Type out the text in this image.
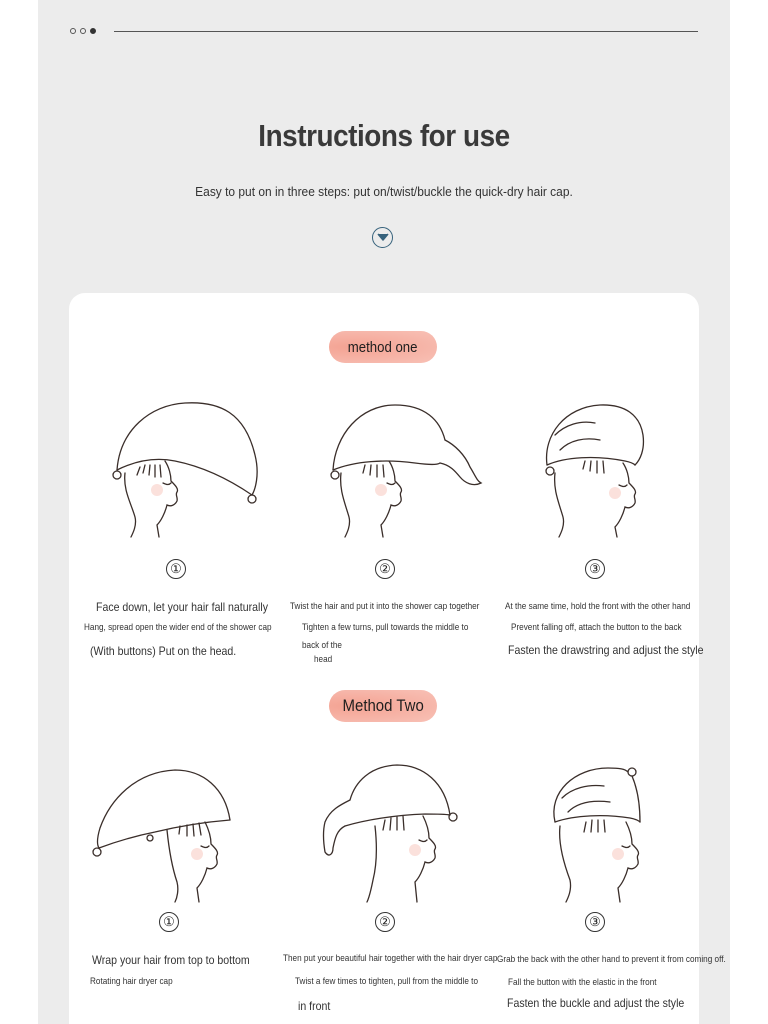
Instructions for use

Easy to put on in three steps: put on/twist/buckle the quick-dry hair cap.

method one
①	②	③
Face down, let your hair fall naturally
Hang, spread open the wider end of the shower cap
(With buttons) Put on the head.
Twist the hair and put it into the shower cap together
Tighten a few turns, pull towards the middle to
back of the
head
At the same time, hold the front with the other hand
Prevent falling off, attach the button to the back
Fasten the drawstring and adjust the style
Method Two
①	②	③
Wrap your hair from top to bottom
Rotating hair dryer cap
Then put your beautiful hair together with the hair dryer cap
Twist a few times to tighten, pull from the middle to
in front
Grab the back with the other hand to prevent it from coming off.
Fall the button with the elastic in the front
Fasten the buckle and adjust the style
